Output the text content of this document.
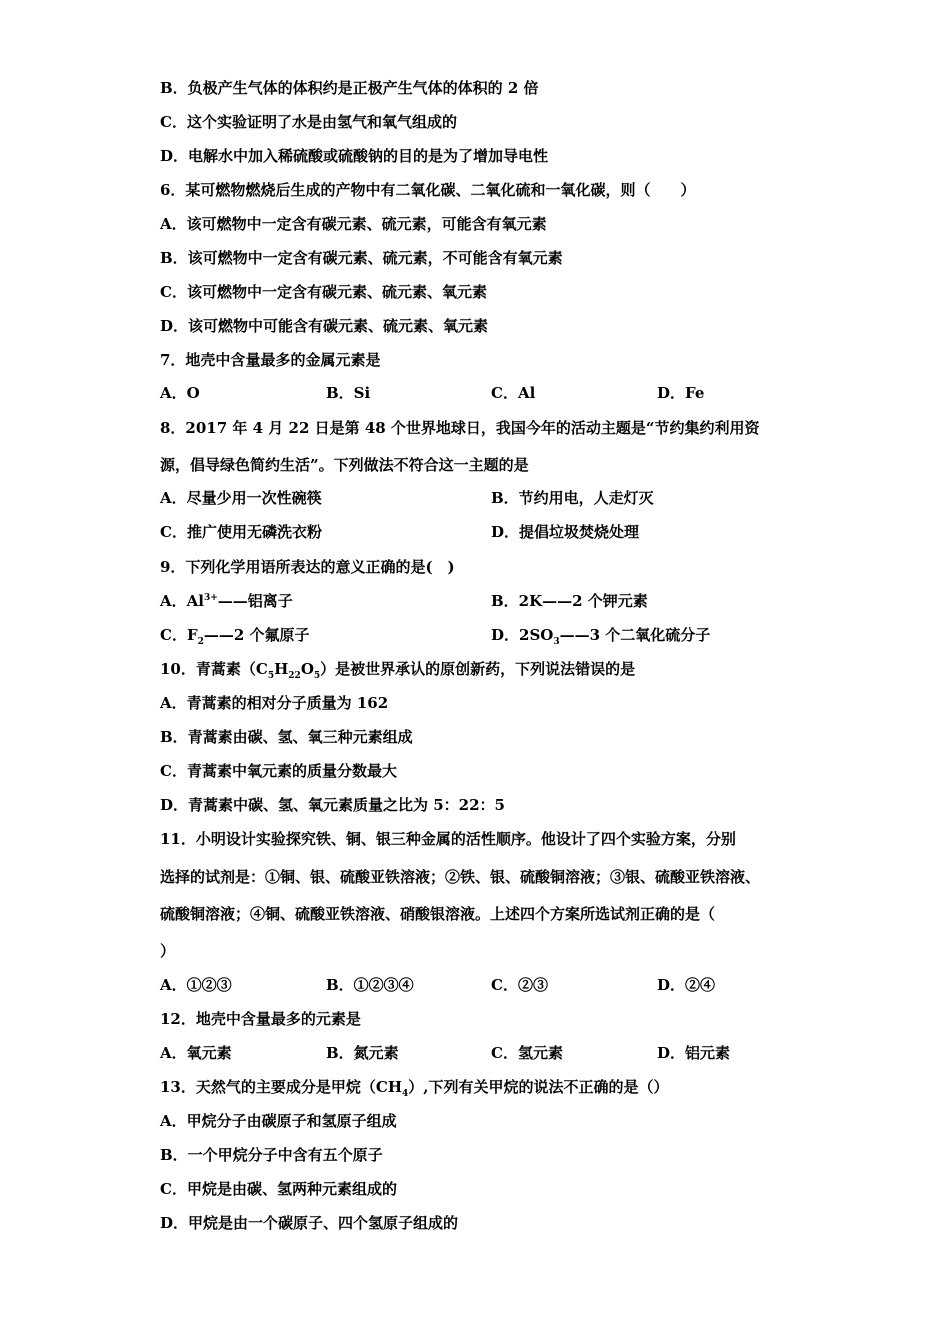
B．负极产生气体的体积约是正极产生气体的体积的 2 倍
C．这个实验证明了水是由氢气和氧气组成的
D．电解水中加入稀硫酸或硫酸钠的目的是为了增加导电性
6．某可燃物燃烧后生成的产物中有二氧化碳、二氧化硫和一氧化碳，则（　　）
A．该可燃物中一定含有碳元素、硫元素，可能含有氧元素
B．该可燃物中一定含有碳元素、硫元素，不可能含有氧元素
C．该可燃物中一定含有碳元素、硫元素、氧元素
D．该可燃物中可能含有碳元素、硫元素、氧元素
7．地壳中含量最多的金属元素是
A．O	B．Si	C．Al	D．Fe
8．2017 年 4 月 22 日是第 48 个世界地球日，我国今年的活动主题是“节约集约利用资
源，倡导绿色简约生活”。下列做法不符合这一主题的是
A．尽量少用一次性碗筷	B．节约用电，人走灯灭
C．推广使用无磷洗衣粉	D．提倡垃圾焚烧处理
9．下列化学用语所表达的意义正确的是(　)
A．$Al^{3+}——$铝离子	B．2K——2 个钾元素
C．$F_2——2$ 个氟原子	D．$2SO_3——3$ 个二氧化硫分子
10．青蒿素$(C_5H_{22}O_5)$是被世界承认的原创新药，下列说法错误的是
A．青蒿素的相对分子质量为 162
B．青蒿素由碳、氢、氧三种元素组成
C．青蒿素中氧元素的质量分数最大
D．青蒿素中碳、氢、氧元素质量之比为 5：22：5
11．小明设计实验探究铁、铜、银三种金属的活性顺序。他设计了四个实验方案，分别
选择的试剂是：①铜、银、硫酸亚铁溶液；②铁、银、硫酸铜溶液；③银、硫酸亚铁溶液、
硫酸铜溶液；④铜、硫酸亚铁溶液、硝酸银溶液。上述四个方案所选试剂正确的是（
）
A．①②③	B．①②③④	C．②③	D．②④
12．地壳中含量最多的元素是
A．氧元素	B．氮元素	C．氢元素	D．铝元素
13．天然气的主要成分是甲烷$(CH_4)$,下列有关甲烷的说法不正确的是（）
A．甲烷分子由碳原子和氢原子组成
B．一个甲烷分子中含有五个原子
C．甲烷是由碳、氢两种元素组成的
D．甲烷是由一个碳原子、四个氢原子组成的
